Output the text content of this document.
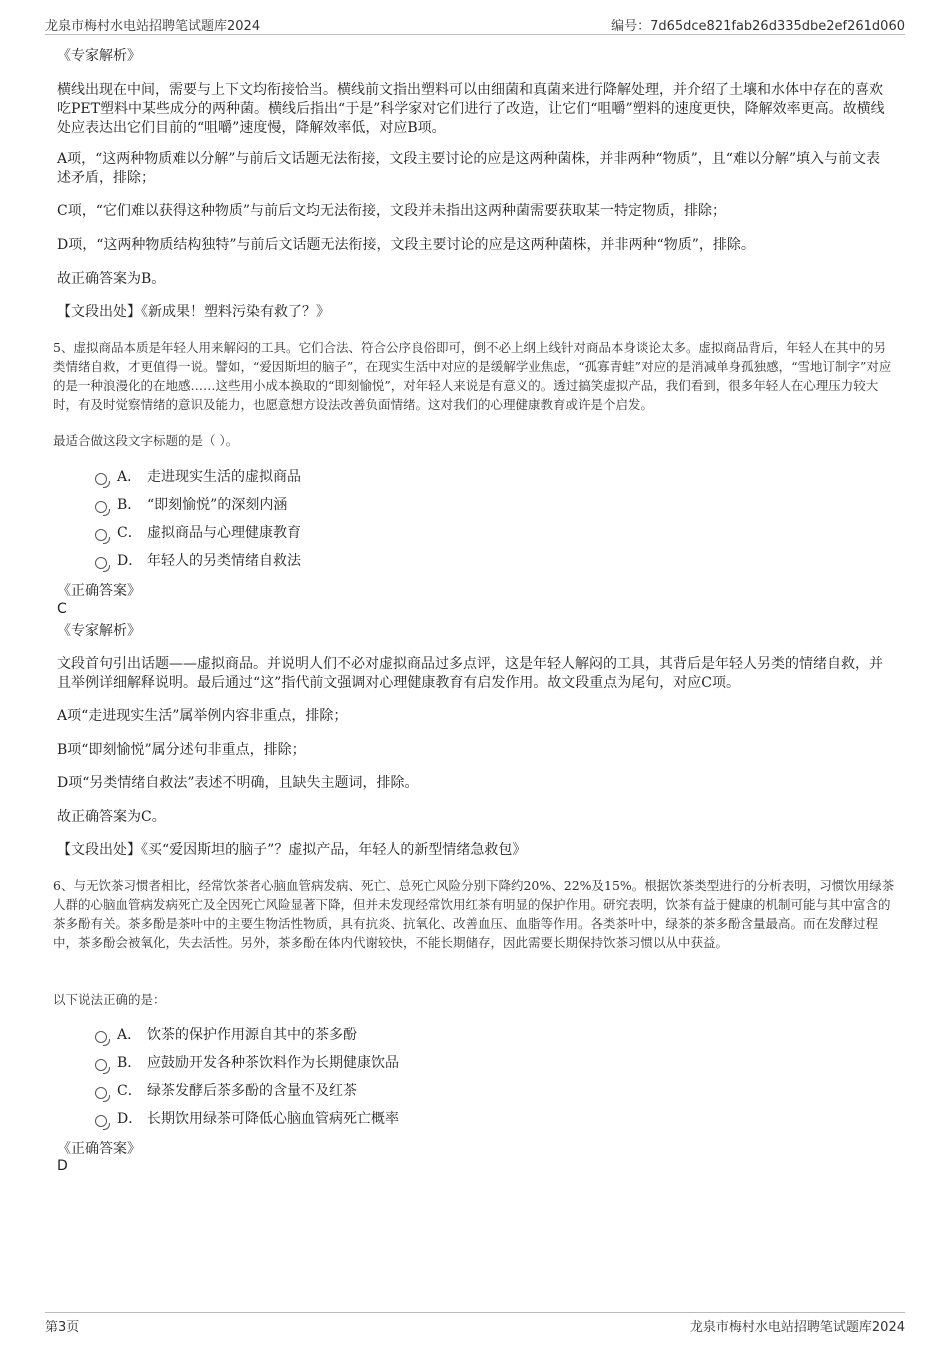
龙泉市梅村水电站招聘笔试题库2024	编号：7d65dce821fab26d335dbe2ef261d060
《专家解析》
横线出现在中间，需要与上下文均衔接恰当。横线前文指出塑料可以由细菌和真菌来进行降解处理，并介绍了土壤和水体中存在的喜欢吃PET塑料中某些成分的两种菌。横线后指出“于是”科学家对它们进行了改造，让它们“咀嚼”塑料的速度更快，降解效率更高。故横线处应表达出它们目前的“咀嚼”速度慢，降解效率低，对应B项。
A项，“这两种物质难以分解”与前后文话题无法衔接，文段主要讨论的应是这两种菌株，并非两种“物质”，且“难以分解”填入与前文表述矛盾，排除；
C项，“它们难以获得这种物质”与前后文均无法衔接，文段并未指出这两种菌需要获取某一特定物质，排除；
D项，“这两种物质结构独特”与前后文话题无法衔接，文段主要讨论的应是这两种菌株，并非两种“物质”，排除。
故正确答案为B。
【文段出处】《新成果！塑料污染有救了？》
5、虚拟商品本质是年轻人用来解闷的工具。它们合法、符合公序良俗即可，倒不必上纲上线针对商品本身谈论太多。虚拟商品背后，年轻人在其中的另类情绪自救，才更值得一说。譬如，“爱因斯坦的脑子”，在现实生活中对应的是缓解学业焦虑，“孤寡青蛙”对应的是消减单身孤独感，“雪地订制字”对应的是一种浪漫化的在地感……这些用小成本换取的“即刻愉悦”，对年轻人来说是有意义的。透过搞笑虚拟产品，我们看到，很多年轻人在心理压力较大时，有及时觉察情绪的意识及能力，也愿意想方设法改善负面情绪。这对我们的心理健康教育或许是个启发。
最适合做这段文字标题的是（ ）。
A． 走进现实生活的虚拟商品
B． “即刻愉悦”的深刻内涵
C． 虚拟商品与心理健康教育
D． 年轻人的另类情绪自救法
《正确答案》
C
《专家解析》
文段首句引出话题——虚拟商品。并说明人们不必对虚拟商品过多点评，这是年轻人解闷的工具，其背后是年轻人另类的情绪自救，并且举例详细解释说明。最后通过“这”指代前文强调对心理健康教育有启发作用。故文段重点为尾句，对应C项。
A项“走进现实生活”属举例内容非重点，排除；
B项“即刻愉悦”属分述句非重点，排除；
D项“另类情绪自救法”表述不明确，且缺失主题词，排除。
故正确答案为C。
【文段出处】《买“爱因斯坦的脑子”？虚拟产品，年轻人的新型情绪急救包》
6、与无饮茶习惯者相比，经常饮茶者心脑血管病发病、死亡、总死亡风险分别下降约20%、22%及15%。根据饮茶类型进行的分析表明，习惯饮用绿茶人群的心脑血管病发病死亡及全因死亡风险显著下降，但并未发现经常饮用红茶有明显的保护作用。研究表明，饮茶有益于健康的机制可能与其中富含的茶多酚有关。茶多酚是茶叶中的主要生物活性物质，具有抗炎、抗氧化、改善血压、血脂等作用。各类茶叶中，绿茶的茶多酚含量最高。而在发酵过程中，茶多酚会被氧化，失去活性。另外，茶多酚在体内代谢较快，不能长期储存，因此需要长期保持饮茶习惯以从中获益。
以下说法正确的是：
A． 饮茶的保护作用源自其中的茶多酚
B． 应鼓励开发各种茶饮料作为长期健康饮品
C． 绿茶发酵后茶多酚的含量不及红茶
D． 长期饮用绿茶可降低心脑血管病死亡概率
《正确答案》
D
第3页	龙泉市梅村水电站招聘笔试题库2024
